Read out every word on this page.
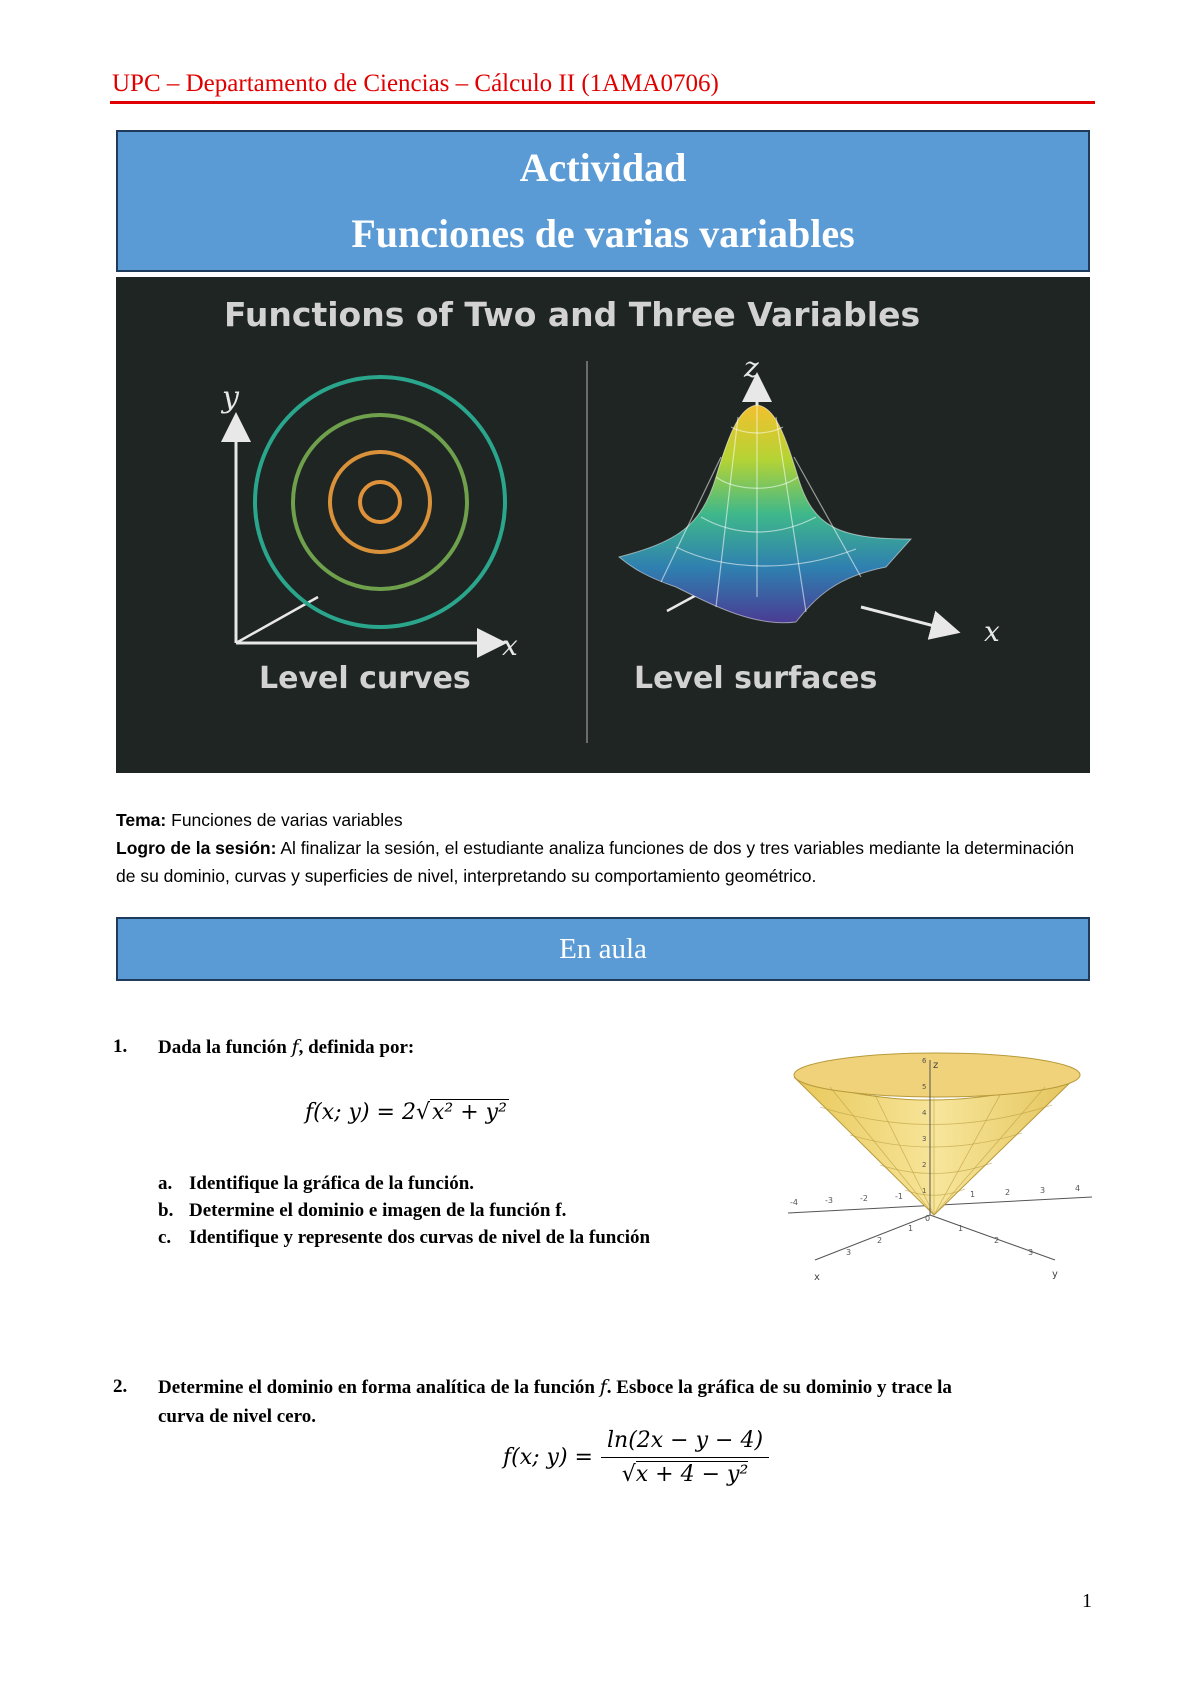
UPC – Departamento de Ciencias – Cálculo II (1AMA0706)
Actividad
Funciones de varias variables
Functions of Two and Three Variables
y
x
z
x
Level curves	Level surfaces
Tema: Funciones de varias variables
Logro de la sesión: Al finalizar la sesión, el estudiante analiza funciones de dos y tres variables mediante la determinación de su dominio, curvas y superficies de nivel, interpretando su comportamiento geométrico.
En aula
1. Dada la función f, definida por:
f(x; y) = 2√x² + y²
a. Identifique la gráfica de la función.
b. Determine el dominio e imagen de la función f.
c. Identifique y represente dos curvas de nivel de la función
z
6
5
4
3
2
1
-4	-3	-2	-1
0
1	2	3	4
1
2
3
1
2
3
x	y
2. Determine el dominio en forma analítica de la función f. Esboce la gráfica de su dominio y trace la
curva de nivel cero.
f(x; $y) = \frac{\ln(2x - y - 4)}{\text{√x + 4 − y²}}$
1
